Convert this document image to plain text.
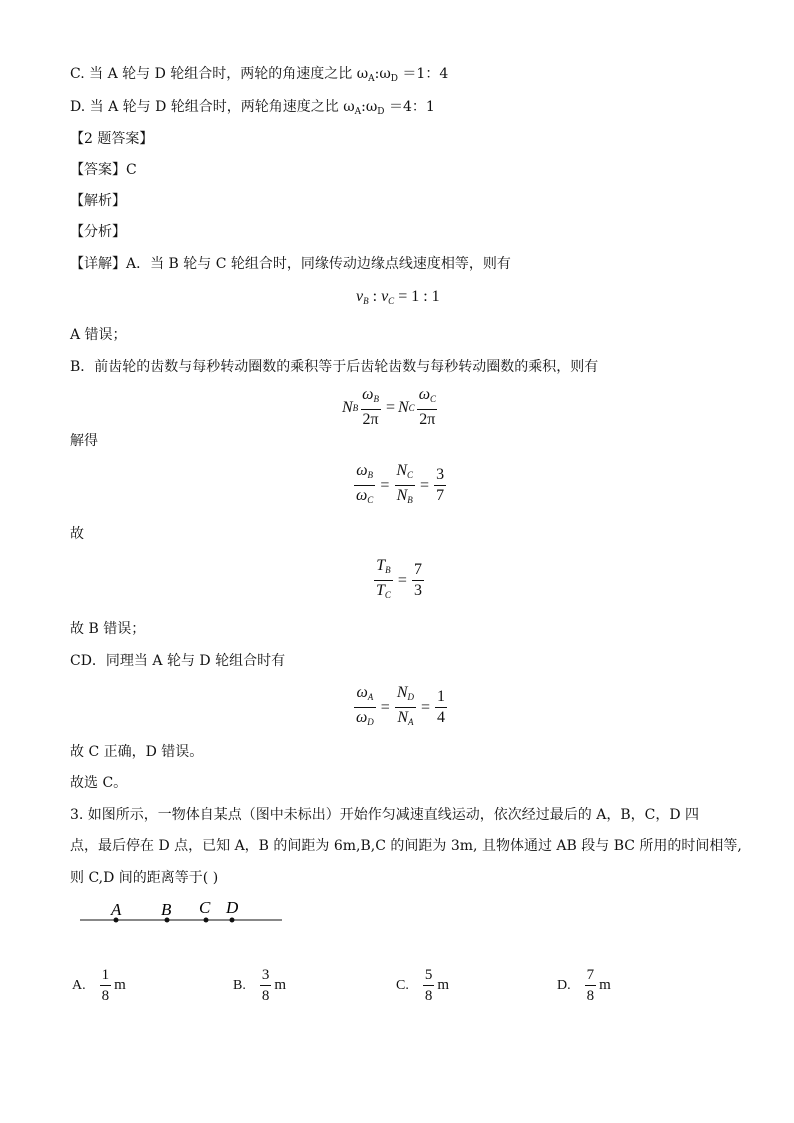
C. 当 A 轮与 D 轮组合时，两轮的角速度之比 $\omega_A:\omega_D =1$：4
D. 当 A 轮与 D 轮组合时，两轮角速度之比 $\omega_A:\omega_D =4$：1
【2 题答案】
【答案】C
【解析】
【分析】
【详解】A．当 B 轮与 C 轮组合时，同缘传动边缘点线速度相等，则有
$v_B$ : $v_C = 1$ : 1
A 错误；
B．前齿轮的齿数与每秒转动圈数的乘积等于后齿轮齿数与每秒转动圈数的乘积，则有
N B $\frac{\omega_B}{2\pi} = N$ C $\frac{\omega_C}{2\pi}$
解得
$\frac{\omega_B}{\omega_C} = \frac{N_C}{N_B} = \frac{3}{7}$
故
$\frac{T_B}{T_C} = \frac{7}{3}$
故 B 错误；
CD．同理当 A 轮与 D 轮组合时有
$\frac{\omega_A}{\omega_D} = \frac{N_D}{N_A} = \frac{1}{4}$
故 C 正确，D 错误。
故选 C。
3. 如图所示，一物体自某点（图中未标出）开始作匀减速直线运动，依次经过最后的 A，B，C，D 四
点，最后停在 D 点，已知 A，B 的间距为 6m,B,C 的间距为 3m, 且物体通过 AB 段与 BC 所用的时间相等,
则 C,D 间的距离等于( )
A B C D
A. $\frac{1}{8}$ m	B. $\frac{3}{8}$ m	C. $\frac{5}{8}$ m	D. $\frac{7}{8}$ m
